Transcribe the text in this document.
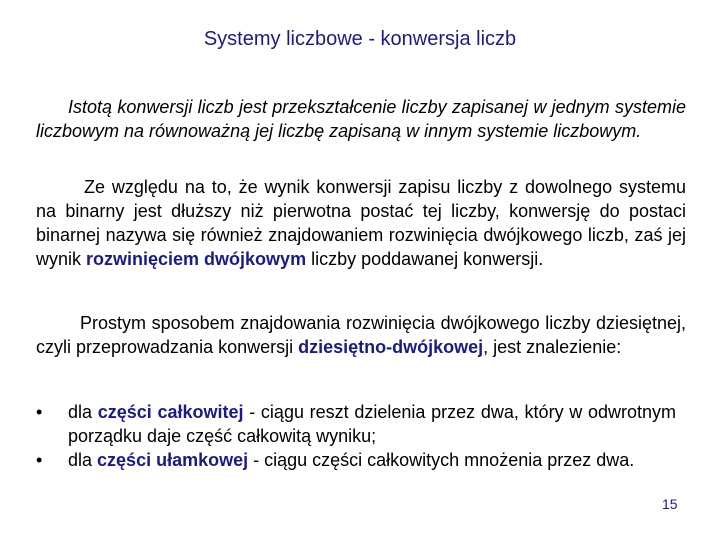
Systemy liczbowe - konwersja liczb
Istotą konwersji liczb jest przekształcenie liczby zapisanej w jednym systemie liczbowym na równoważną jej liczbę zapisaną w innym systemie liczbowym.
Ze względu na to, że wynik konwersji zapisu liczby z dowolnego systemu na binarny jest dłuższy niż pierwotna postać tej liczby, konwersję do postaci binarnej nazywa się również znajdowaniem rozwinięcia dwójkowego liczb, zaś jej wynik rozwinięciem dwójkowym liczby poddawanej konwersji.
Prostym sposobem znajdowania rozwinięcia dwójkowego liczby dziesiętnej, czyli przeprowadzania konwersji dziesiętno-dwójkowej, jest znalezienie:
•	dla części całkowitej - ciągu reszt dzielenia przez dwa, który w odwrotnym porządku daje część całkowitą wyniku;
•	dla części ułamkowej - ciągu części całkowitych mnożenia przez dwa.
15
